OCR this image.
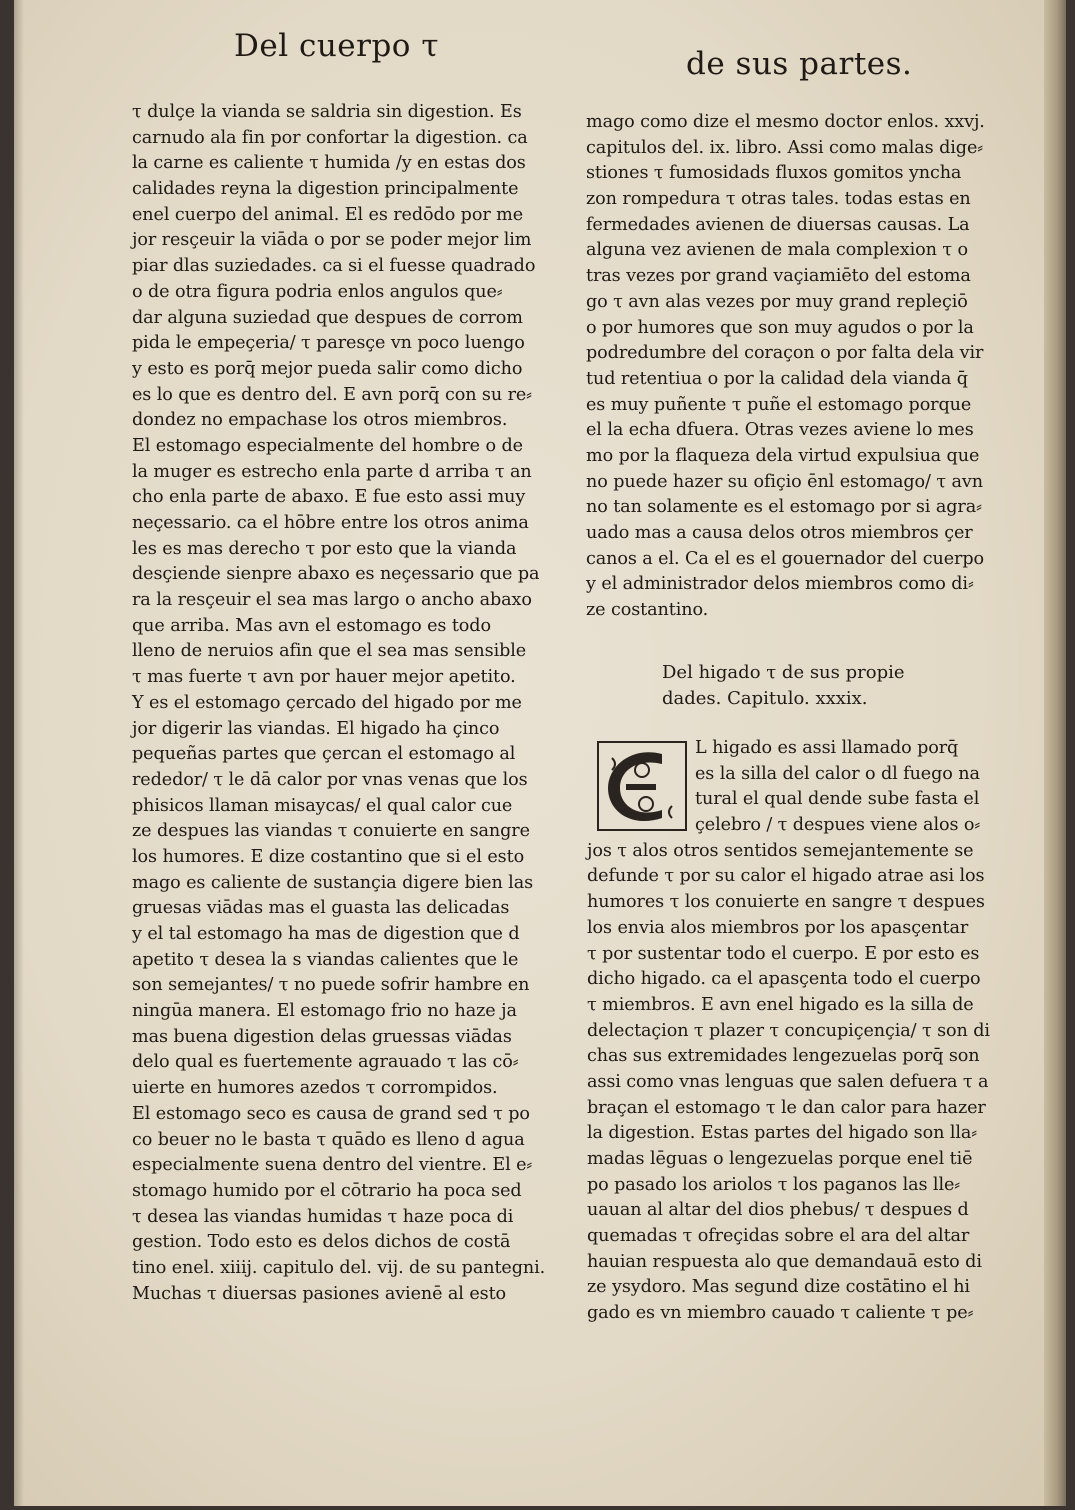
Del cuerpo τ	de sus partes.
τ dulçe la vianda se saldria sin digestion. Es
carnudo ala fin por confortar la digestion. ca
la carne es caliente τ humida /y en estas dos
calidades reyna la digestion principalmente
enel cuerpo del animal. El es redōdo por me
jor resçeuir la viāda o por se poder mejor lim
piar dlas suziedades. ca si el fuesse quadrado
o de otra figura podria enlos angulos que⸗
dar alguna suziedad que despues de corrom
pida le empeçeria/ τ paresçe vn poco luengo
y esto es porq̄ mejor pueda salir como dicho
es lo que es dentro del. E avn porq̄ con su re⸗
dondez no empachase los otros miembros.
El estomago especialmente del hombre o de
la muger es estrecho enla parte d arriba τ an
cho enla parte de abaxo. E fue esto assi muy
neçessario. ca el hōbre entre los otros anima
les es mas derecho τ por esto que la vianda
desçiende sienpre abaxo es neçessario que pa
ra la resçeuir el sea mas largo o ancho abaxo
que arriba. Mas avn el estomago es todo
lleno de neruios afin que el sea mas sensible
τ mas fuerte τ avn por hauer mejor apetito.
Y es el estomago çercado del higado por me
jor digerir las viandas. El higado ha çinco
pequeñas partes que çercan el estomago al
rededor/ τ le dā calor por vnas venas que los
phisicos llaman misaycas/ el qual calor cue
ze despues las viandas τ conuierte en sangre
los humores. E dize costantino que si el esto
mago es caliente de sustançia digere bien las
gruesas viādas mas el guasta las delicadas
y el tal estomago ha mas de digestion que d
apetito τ desea la s viandas calientes que le
son semejantes/ τ no puede sofrir hambre en
ningūa manera. El estomago frio no haze ja
mas buena digestion delas gruessas viādas
delo qual es fuertemente agrauado τ las cō⸗
uierte en humores azedos τ corrompidos.
El estomago seco es causa de grand sed τ po
co beuer no le basta τ quādo es lleno d agua
especialmente suena dentro del vientre. El e⸗
stomago humido por el cōtrario ha poca sed
τ desea las viandas humidas τ haze poca di
gestion. Todo esto es delos dichos de costā
tino enel. xiiij. capitulo del. vij. de su pantegni.
Muchas τ diuersas pasiones avienē al esto
mago como dize el mesmo doctor enlos. xxvj.
capitulos del. ix. libro. Assi como malas dige⸗
stiones τ fumosidads fluxos gomitos yncha
zon rompedura τ otras tales. todas estas en
fermedades avienen de diuersas causas. La
alguna vez avienen de mala complexion τ o
tras vezes por grand vaçiamiēto del estoma
go τ avn alas vezes por muy grand repleçiō
o por humores que son muy agudos o por la
podredumbre del coraçon o por falta dela vir
tud retentiua o por la calidad dela vianda q̄
es muy puñente τ puñe el estomago porque
el la echa dfuera. Otras vezes aviene lo mes
mo por la flaqueza dela virtud expulsiua que
no puede hazer su ofiçio ēnl estomago/ τ avn
no tan solamente es el estomago por si agra⸗
uado mas a causa delos otros miembros çer
canos a el. Ca el es el gouernador del cuerpo
y el administrador delos miembros como di⸗
ze costantino.
Del higado τ de sus propie
dades. Capitulo. xxxix.
L higado es assi llamado porq̄
es la silla del calor o dl fuego na
tural el qual dende sube fasta el
çelebro / τ despues viene alos o⸗
jos τ alos otros sentidos semejantemente se
defunde τ por su calor el higado atrae asi los
humores τ los conuierte en sangre τ despues
los envia alos miembros por los apasçentar
τ por sustentar todo el cuerpo. E por esto es
dicho higado. ca el apasçenta todo el cuerpo
τ miembros. E avn enel higado es la silla de
delectaçion τ plazer τ concupiçençia/ τ son di
chas sus extremidades lengezuelas porq̄ son
assi como vnas lenguas que salen defuera τ a
braçan el estomago τ le dan calor para hazer
la digestion. Estas partes del higado son lla⸗
madas lēguas o lengezuelas porque enel tiē
po pasado los ariolos τ los paganos las lle⸗
uauan al altar del dios phebus/ τ despues d
quemadas τ ofreçidas sobre el ara del altar
hauian respuesta alo que demandauā esto di
ze ysydoro. Mas segund dize costātino el hi
gado es vn miembro cauado τ caliente τ pe⸗
